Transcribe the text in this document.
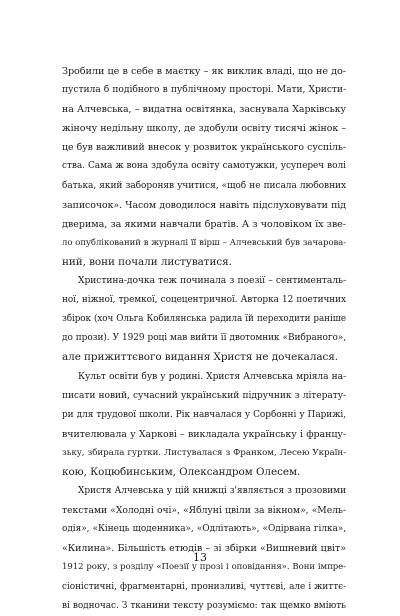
Зробили це в себе в маєтку – як виклик владі, що не до-
пустила б подібного в публічному просторі. Мати, Христи-
на Алчевська, – видатна освітянка, заснувала Харківську
жіночу недільну школу, де здобули освіту тисячі жінок –
це був важливий внесок у розвиток українського суспіль-
ства. Сама ж вона здобула освіту самотужки, усупереч волі
батька, який забороняв учитися, «щоб не писала любовних
записочок». Часом доводилося навіть підслуховувати під
дверима, за якими навчали братів. А з чоловіком їх зве-
ло опублікований в журналі її вірш – Алчевський був зачарова-
ний, вони почали листуватися.
Христина-дочка теж починала з поезії – сентименталь-
ної, ніжної, тремкої, соцецентричної. Авторка 12 поетичних
збірок (хоч Ольга Кобилянська радила їй переходити раніше
до прози). У 1929 році мав вийти її двотомник «Вибраного»,
але прижиттєвого видання Христя не дочекалася.
Культ освіти був у родині. Христя Алчевська мріяла на-
писати новий, сучасний український підручник з літерату-
ри для трудової школи. Рік навчалася у Сорбонні у Парижі,
вчителювала у Харкові – викладала українську і францу-
зьку, збирала гуртки. Листувалася з Франком, Лесею Україн-
кою, Коцюбинським, Олександром Олесем.
Христя Алчевська у цій книжці з'являється з прозовими
текстами «Холодні очі», «Яблуні цвіли за вікном», «Мель-
одія», «Кінець щоденника», «Одлітають», «Одірвана гілка»,
«Килина». Більшість етюдів – зі збірки «Вишневий цвіт»
1912 року, з розділу «Поезії у прозі і оповідання». Вони імпре-
сіоністичні, фрагментарні, пронизливі, чуттєві, але і життє-
ві водночас. З тканини тексту розуміємо: так щемко вміють
13
